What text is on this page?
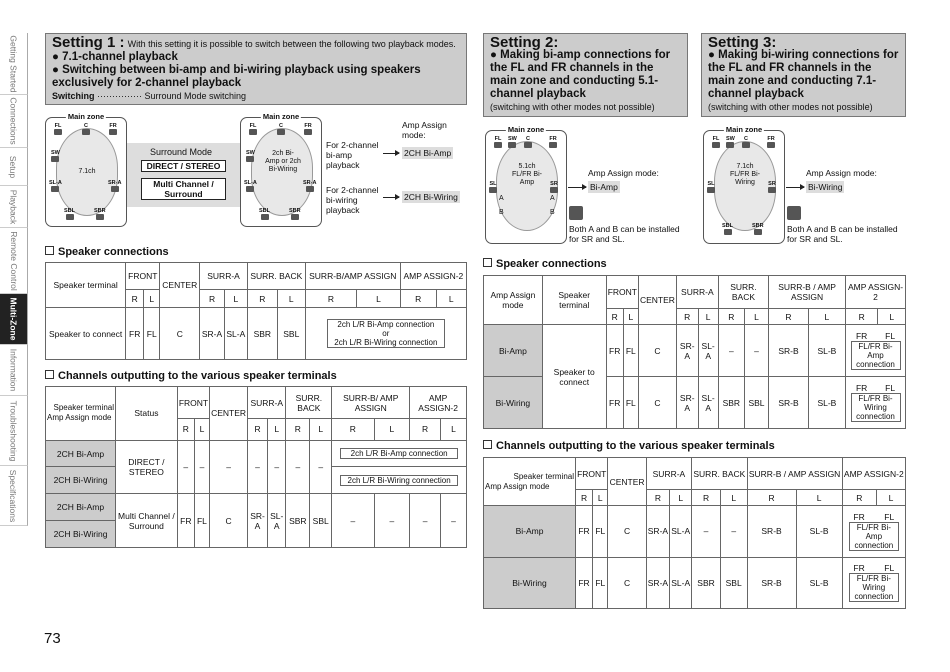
Getting Started
Connections
Setup
Playback
Remote Control
Multi-Zone
Information
Troubleshooting
Specifications
73
Setting 1 : With this setting it is possible to switch between the following two playback modes.
● 7.1-channel playback
● Switching between bi-amp and bi-wiring playback using speakers exclusively for 2-channel playback
Switching ··············· Surround Mode switching
Setting 2:
● Making bi-amp connections for the FL and FR channels in the main zone and conducting 5.1-channel playback
(switching with other modes not possible)
Setting 3:
● Making bi-wiring connections for the FL and FR channels in the main zone and conducting 7.1-channel playback
(switching with other modes not possible)
Main zone
FL	C	FR
SW
7.1ch
SL-A	SR-A
SBL	SBR
Surround Mode
DIRECT / STEREO
Multi Channel / Surround
Main zone
FL	C	FR
SW	2ch Bi-Amp or 2ch Bi-Wiring
SL-A	SR-A
SBL	SBR
For 2-channel bi-amp playback
For 2-channel bi-wiring playback
Amp Assign mode:
2CH Bi-Amp
2CH Bi-Wiring
Main zone
FL SW	C	FR
5.1ch FL/FR Bi-Amp
SL	SR
A	A
B	B
Amp Assign mode:
Bi-Amp
Both A and B can be installed for SR and SL.
Main zone
FL SW	C	FR
7.1ch FL/FR Bi-Wiring
SL	SR
SBL	SBR
Amp Assign mode:
Bi-Wiring
Both A and B can be installed for SR and SL.
Speaker connections
Channels outputting to the various speaker terminals
Speaker connections
Channels outputting to the various speaker terminals
Speaker terminal	FRONT		CENTER	SURR-A		SURR. BACK		SURR-B/AMP ASSIGN		AMP ASSIGN-2	
	R	L		R	L	R	L	R	L	R	L
Speaker to connect	FR	FL	C	SR-A	SL-A	SBR	SBL	2ch L/R Bi-Amp connection
or
2ch L/R Bi-Wiring connection			
Speaker terminal
Amp Assign mode	Status	FRONT		CENTER	SURR-A		SURR. BACK		SURR-B/ AMP ASSIGN		AMP ASSIGN-2	
		R	L		R	L	R	L	R	L	R	L
2CH Bi-Amp	DIRECT / STEREO	–	–	–	–	–	–	–	2ch L/R Bi-Amp connection			
2CH Bi-Wiring									2ch L/R Bi-Wiring connection			
2CH Bi-Amp	Multi Channel / Surround	FR	FL	C	SR-A	SL-A	SBR	SBL	–	–	–	–
2CH Bi-Wiring												
Amp Assign mode	Speaker terminal	FRONT		CENTER	SURR-A		SURR. BACK		SURR-B / AMP ASSIGN		AMP ASSIGN-2	
		R	L		R	L	R	L	R	L	R	L
Bi-Amp	Speaker to connect	FR	FL	C	SR-A	SL-A	–	–	SR-B	SL-B	FR FL
FL/FR Bi-Amp connection	
Bi-Wiring		FR	FL	C	SR-A	SL-A	SBR	SBL	SR-B	SL-B	FR FL
FL/FR Bi-Wiring connection	
Speaker terminal
Amp Assign mode	FRONT		CENTER	SURR-A		SURR. BACK		SURR-B / AMP ASSIGN		AMP ASSIGN-2	
	R	L		R	L	R	L	R	L	R	L
Bi-Amp	FR	FL	C	SR-A	SL-A	–	–	SR-B	SL-B	FR FL
FL/FR Bi-Amp connection	
Bi-Wiring	FR	FL	C	SR-A	SL-A	SBR	SBL	SR-B	SL-B	FR FL
FL/FR Bi-Wiring connection	
